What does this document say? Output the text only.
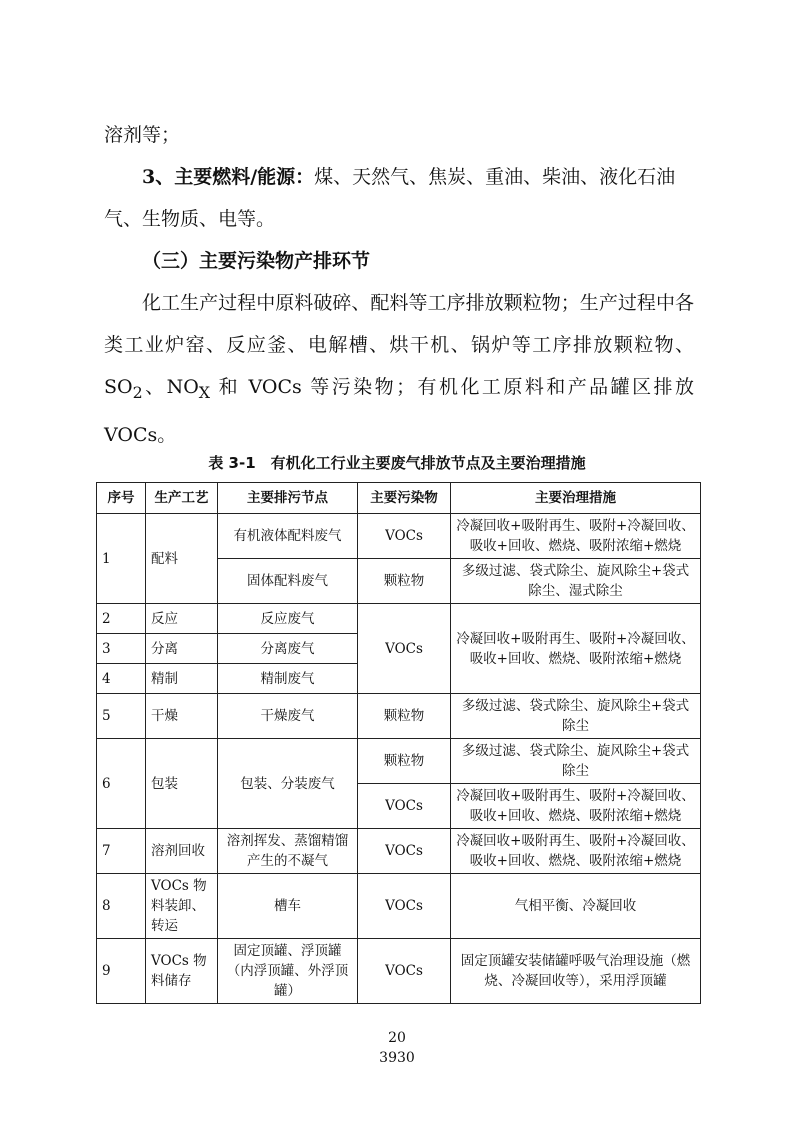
溶剂等；

3、主要燃料/能源：煤、天然气、焦炭、重油、柴油、液化石油气、生物质、电等。

（三）主要污染物产排环节

化工生产过程中原料破碎、配料等工序排放颗粒物；生产过程中各类工业炉窑、反应釜、电解槽、烘干机、锅炉等工序排放颗粒物、$SO_2$、$NO_X$ 和 VOCs 等污染物；有机化工原料和产品罐区排放 VOCs。

表 3-1　有机化工行业主要废气排放节点及主要治理措施
序号	生产工艺	主要排污节点	主要污染物	主要治理措施
1	配料	有机液体配料废气	VOCs	冷凝回收+吸附再生、吸附+冷凝回收、吸收+回收、燃烧、吸附浓缩+燃烧
		固体配料废气	颗粒物	多级过滤、袋式除尘、旋风除尘+袋式除尘、湿式除尘
2	反应	反应废气	VOCs	冷凝回收+吸附再生、吸附+冷凝回收、吸收+回收、燃烧、吸附浓缩+燃烧
3	分离	分离废气		
4	精制	精制废气		
5	干燥	干燥废气	颗粒物	多级过滤、袋式除尘、旋风除尘+袋式除尘
6	包装	包装、分装废气	颗粒物	多级过滤、袋式除尘、旋风除尘+袋式除尘
			VOCs	冷凝回收+吸附再生、吸附+冷凝回收、吸收+回收、燃烧、吸附浓缩+燃烧
7	溶剂回收	溶剂挥发、蒸馏精馏产生的不凝气	VOCs	冷凝回收+吸附再生、吸附+冷凝回收、吸收+回收、燃烧、吸附浓缩+燃烧
8	VOCs 物料装卸、转运	槽车	VOCs	气相平衡、冷凝回收
9	VOCs 物料储存	固定顶罐、浮顶罐（内浮顶罐、外浮顶罐）	VOCs	固定顶罐安装储罐呼吸气治理设施（燃烧、冷凝回收等），采用浮顶罐
20
3930
